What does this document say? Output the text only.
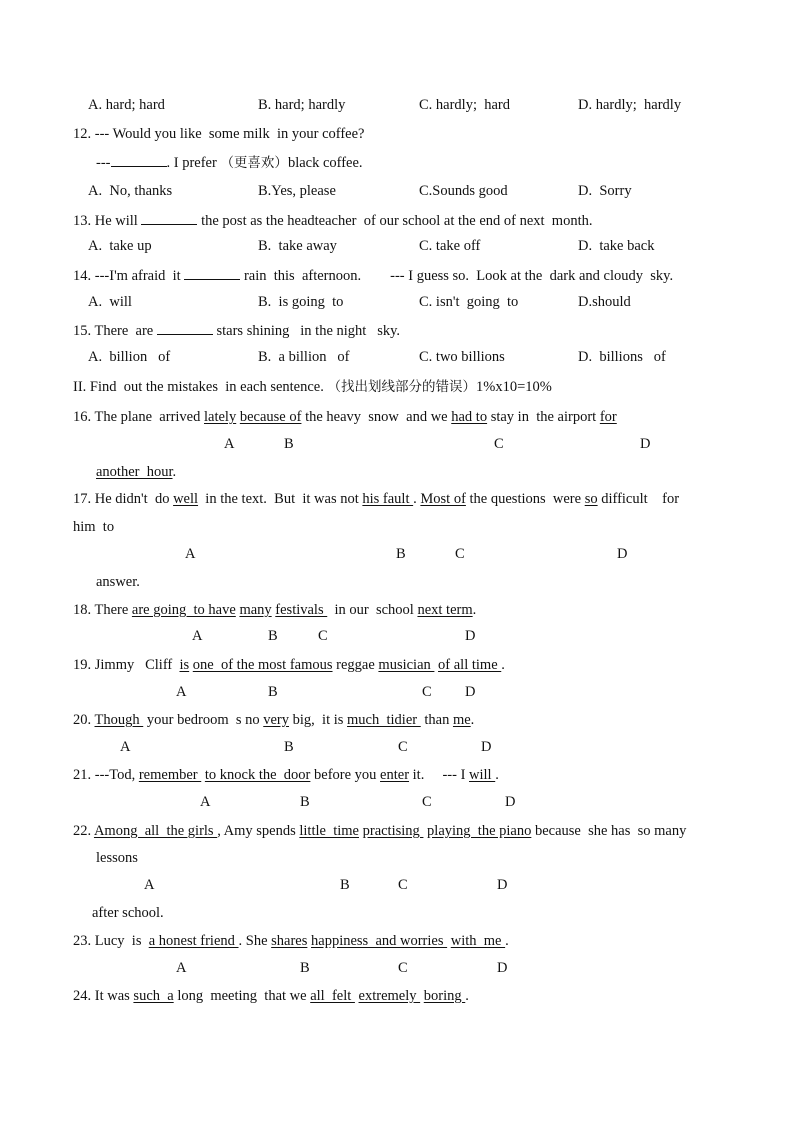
A. hard; hard	B. hard; hardly	C. hardly;  hard	D. hardly;  hardly
12. --- Would you like  some milk  in your coffee?
---	. I prefer （更喜欢）black coffee.
A.  No, thanks	B.Yes, please	C.Sounds good	D.  Sorry
13. He will	the post as the headteacher  of our school at the end of next  month.
A.  take up	B.  take away	C. take off	D.  take back
14. ---I'm afraid  it	rain  this  afternoon.        --- I guess so.  Look at the  dark and cloudy  sky.
A.  will	B.  is going  to	C. isn't  going  to	D.should
15. There  are	stars shining   in the night   sky.
A.  billion   of	B.  a billion   of	C. two billions	D.  billions   of
II. Find  out the mistakes  in each sentence. （找出划线部分的错误）1%x10=10%
16. The plane  arrived lately because of the heavy  snow  and we had to stay in  the airport for
A	B	C	D
another  hour.
17. He didn't  do well  in the text.  But  it was not his fault . Most of the questions  were so difficult    for
him  to
A	B	C	D
answer.
18. There are going  to have many festivals   in our  school next term.
A	B	C	D
19. Jimmy   Cliff  is one  of the most famous reggae musician  of all time .
A	B	C D
20. Though  your bedroom  s no very big,  it is much  tidier  than me.
A	B	C	D
21. ---Tod, remember  to knock the  door before you enter it.     --- I will .
A	B	C	D
22. Among  all  the girls , Amy spends little  time practising  playing  the piano because  she has  so many
lessons
A	B	C	D
after school.
23. Lucy  is  a honest friend . She shares happiness  and worries  with  me .
A	B	C	D
24. It was such  a long  meeting  that we all  felt  extremely  boring .
